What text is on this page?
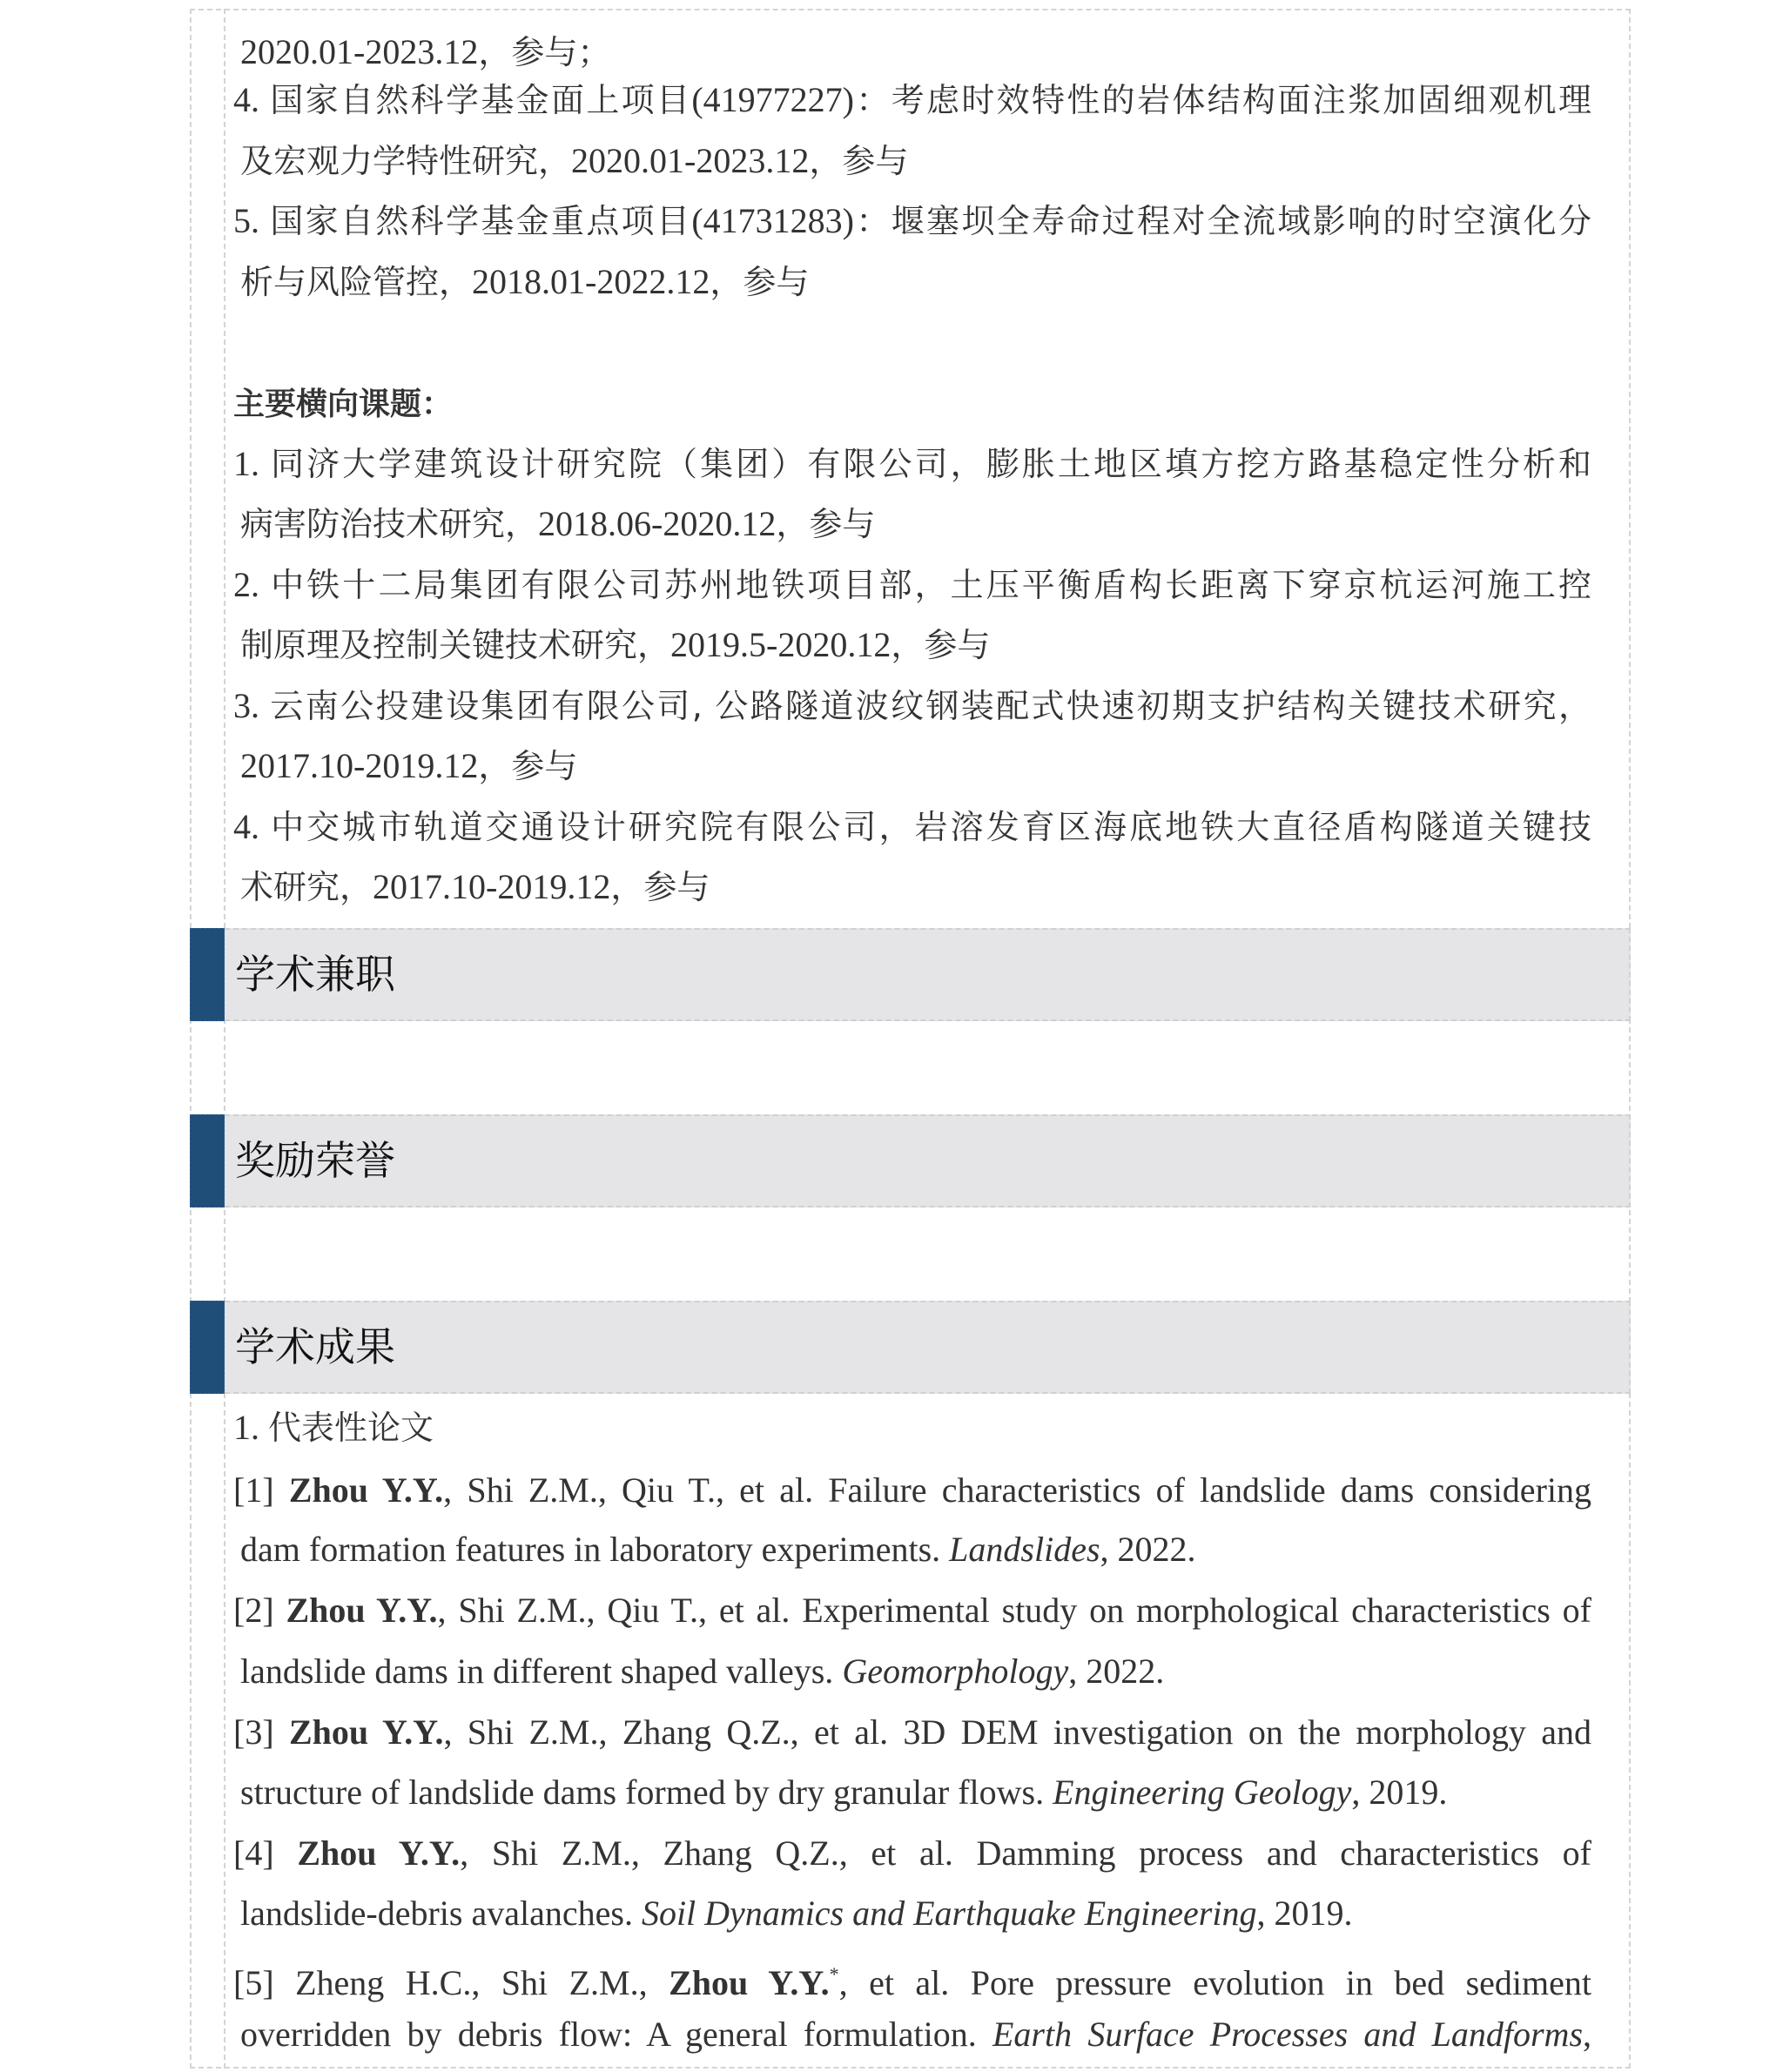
2020.01-2023.12，参与；
4. 国家自然科学基金面上项目(41977227)：考虑时效特性的岩体结构面注浆加固细观机理
及宏观力学特性研究，2020.01-2023.12，参与
5. 国家自然科学基金重点项目(41731283)：堰塞坝全寿命过程对全流域影响的时空演化分
析与风险管控，2018.01-2022.12，参与
主要横向课题：
1. 同济大学建筑设计研究院（集团）有限公司，膨胀土地区填方挖方路基稳定性分析和
病害防治技术研究，2018.06-2020.12，参与
2. 中铁十二局集团有限公司苏州地铁项目部，土压平衡盾构长距离下穿京杭运河施工控
制原理及控制关键技术研究，2019.5-2020.12，参与
3. 云南公投建设集团有限公司, 公路隧道波纹钢装配式快速初期支护结构关键技术研究，
2017.10-2019.12，参与
4. 中交城市轨道交通设计研究院有限公司，岩溶发育区海底地铁大直径盾构隧道关键技
术研究，2017.10-2019.12，参与
学术兼职
奖励荣誉
学术成果
1. 代表性论文
[1] Zhou Y.Y., Shi Z.M., Qiu T., et al. Failure characteristics of landslide dams considering
dam formation features in laboratory experiments. Landslides, 2022.
[2] Zhou Y.Y., Shi Z.M., Qiu T., et al. Experimental study on morphological characteristics of
landslide dams in different shaped valleys. Geomorphology, 2022.
[3] Zhou Y.Y., Shi Z.M., Zhang Q.Z., et al. 3D DEM investigation on the morphology and
structure of landslide dams formed by dry granular flows. Engineering Geology, 2019.
[4] Zhou Y.Y., Shi Z.M., Zhang Q.Z., et al. Damming process and characteristics of
landslide-debris avalanches. Soil Dynamics and Earthquake Engineering, 2019.
[5] Zheng H.C., Shi Z.M., Zhou Y.Y.*, et al. Pore pressure evolution in bed sediment
overridden by debris flow: A general formulation. Earth Surface Processes and Landforms,
